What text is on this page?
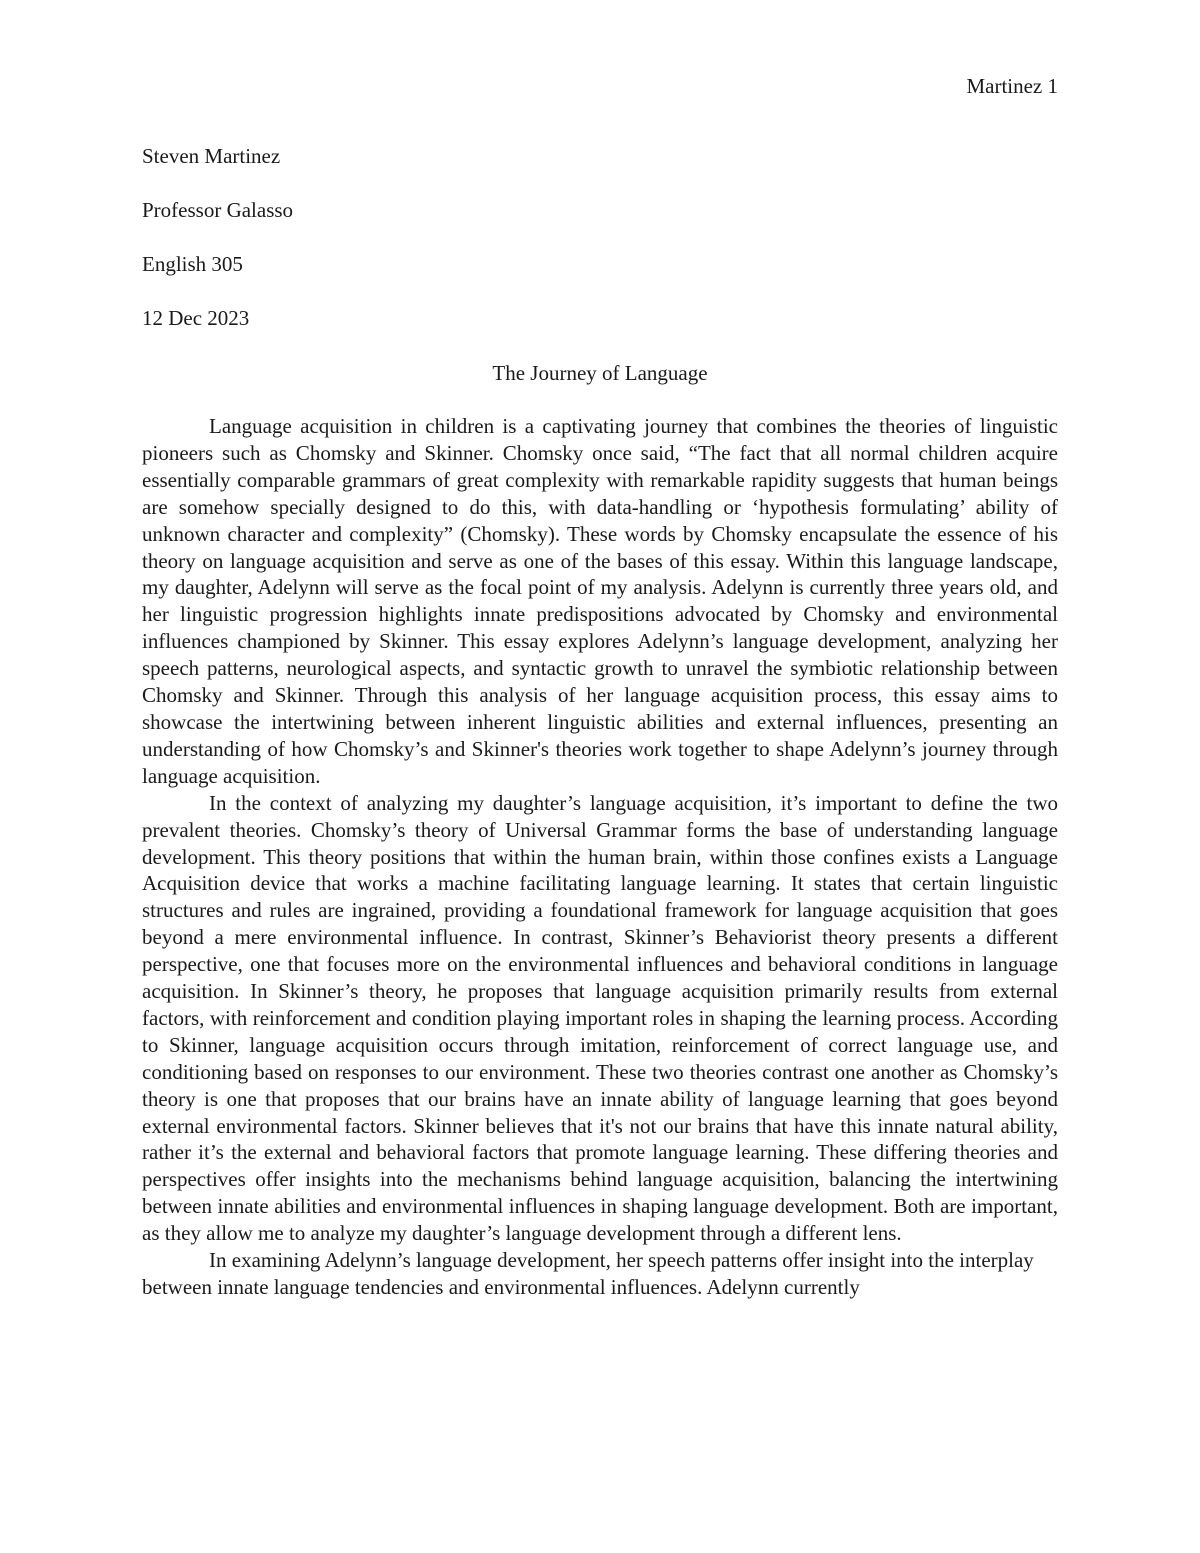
Martinez 1
Steven Martinez
Professor Galasso
English 305
12 Dec 2023
The Journey of Language

Language acquisition in children is a captivating journey that combines the theories of linguistic pioneers such as Chomsky and Skinner. Chomsky once said, “The fact that all normal children acquire essentially comparable grammars of great complexity with remarkable rapidity suggests that human beings are somehow specially designed to do this, with data-handling or ‘hypothesis formulating’ ability of unknown character and complexity” (Chomsky). These words by Chomsky encapsulate the essence of his theory on language acquisition and serve as one of the bases of this essay. Within this language landscape, my daughter, Adelynn will serve as the focal point of my analysis. Adelynn is currently three years old, and her linguistic progression highlights innate predispositions advocated by Chomsky and environmental influences championed by Skinner. This essay explores Adelynn’s language development, analyzing her speech patterns, neurological aspects, and syntactic growth to unravel the symbiotic relationship between Chomsky and Skinner. Through this analysis of her language acquisition process, this essay aims to showcase the intertwining between inherent linguistic abilities and external influences, presenting an understanding of how Chomsky’s and Skinner's theories work together to shape Adelynn’s journey through language acquisition.

In the context of analyzing my daughter’s language acquisition, it’s important to define the two prevalent theories. Chomsky’s theory of Universal Grammar forms the base of understanding language development. This theory positions that within the human brain, within those confines exists a Language Acquisition device that works a machine facilitating language learning. It states that certain linguistic structures and rules are ingrained, providing a foundational framework for language acquisition that goes beyond a mere environmental influence. In contrast, Skinner’s Behaviorist theory presents a different perspective, one that focuses more on the environmental influences and behavioral conditions in language acquisition. In Skinner’s theory, he proposes that language acquisition primarily results from external factors, with reinforcement and condition playing important roles in shaping the learning process. According to Skinner, language acquisition occurs through imitation, reinforcement of correct language use, and conditioning based on responses to our environment. These two theories contrast one another as Chomsky’s theory is one that proposes that our brains have an innate ability of language learning that goes beyond external environmental factors. Skinner believes that it's not our brains that have this innate natural ability, rather it’s the external and behavioral factors that promote language learning. These differing theories and perspectives offer insights into the mechanisms behind language acquisition, balancing the intertwining between innate abilities and environmental influences in shaping language development. Both are important, as they allow me to analyze my daughter’s language development through a different lens.

In examining Adelynn’s language development, her speech patterns offer insight into the interplay between innate language tendencies and environmental influences. Adelynn currently
